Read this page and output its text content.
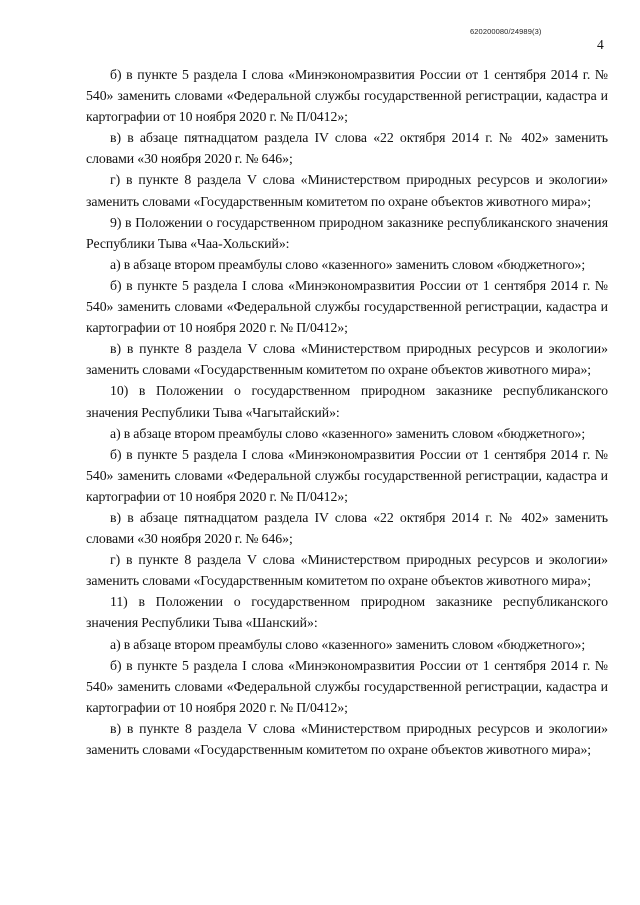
620200080/24989(3)
4

б) в пункте 5 раздела I слова «Минэкономразвития России от 1 сентября 2014 г. № 540» заменить словами «Федеральной службы государственной регистрации, кадастра и картографии от 10 ноября 2020 г. № П/0412»;

в) в абзаце пятнадцатом раздела IV слова «22 октября 2014 г. № 402» заменить словами «30 ноября 2020 г. № 646»;

г) в пункте 8 раздела V слова «Министерством природных ресурсов и экологии» заменить словами «Государственным комитетом по охране объектов животного мира»;

9) в Положении о государственном природном заказнике республиканского значения Республики Тыва «Чаа-Хольский»:

а) в абзаце втором преамбулы слово «казенного» заменить словом «бюджетного»;

б) в пункте 5 раздела I слова «Минэкономразвития России от 1 сентября 2014 г. № 540» заменить словами «Федеральной службы государственной регистрации, кадастра и картографии от 10 ноября 2020 г. № П/0412»;

в) в пункте 8 раздела V слова «Министерством природных ресурсов и экологии» заменить словами «Государственным комитетом по охране объектов животного мира»;

10) в Положении о государственном природном заказнике республиканского значения Республики Тыва «Чагытайский»:

а) в абзаце втором преамбулы слово «казенного» заменить словом «бюджетного»;

б) в пункте 5 раздела I слова «Минэкономразвития России от 1 сентября 2014 г. № 540» заменить словами «Федеральной службы государственной регистрации, кадастра и картографии от 10 ноября 2020 г. № П/0412»;

в) в абзаце пятнадцатом раздела IV слова «22 октября 2014 г. № 402» заменить словами «30 ноября 2020 г. № 646»;

г) в пункте 8 раздела V слова «Министерством природных ресурсов и экологии» заменить словами «Государственным комитетом по охране объектов животного мира»;

11) в Положении о государственном природном заказнике республиканского значения Республики Тыва «Шанский»:

а) в абзаце втором преамбулы слово «казенного» заменить словом «бюджетного»;

б) в пункте 5 раздела I слова «Минэкономразвития России от 1 сентября 2014 г. № 540» заменить словами «Федеральной службы государственной регистрации, кадастра и картографии от 10 ноября 2020 г. № П/0412»;

в) в пункте 8 раздела V слова «Министерством природных ресурсов и экологии» заменить словами «Государственным комитетом по охране объектов животного мира»;
